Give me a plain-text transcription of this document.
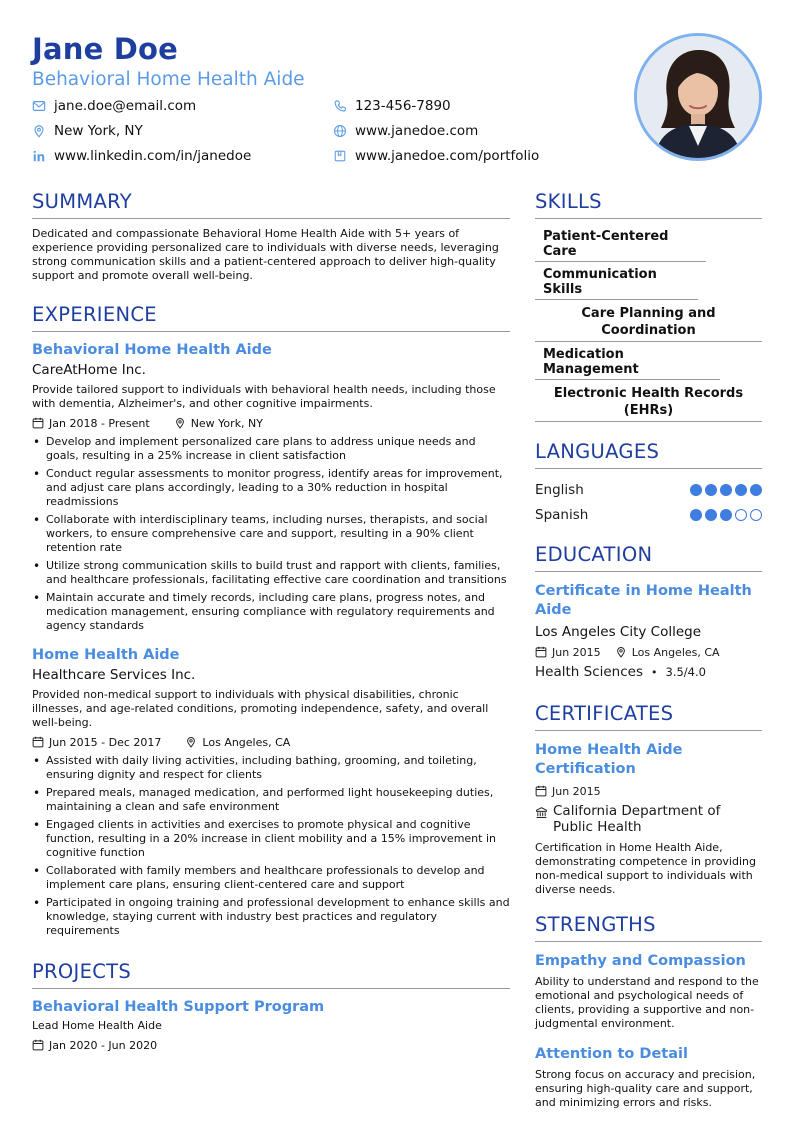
Jane Doe
Behavioral Home Health Aide
jane.doe@email.com	123-456-7890
New York, NY	www.janedoe.com
www.linkedin.com/in/janedoe	www.janedoe.com/portfolio
SUMMARY
Dedicated and compassionate Behavioral Home Health Aide with 5+ years of experience providing personalized care to individuals with diverse needs, leveraging strong communication skills and a patient-centered approach to deliver high-quality support and promote overall well-being.
EXPERIENCE
Behavioral Home Health Aide
CareAtHome Inc.
Provide tailored support to individuals with behavioral health needs, including those with dementia, Alzheimer's, and other cognitive impairments.
Jan 2018 - Present	New York, NY
• Develop and implement personalized care plans to address unique needs and goals, resulting in a 25% increase in client satisfaction
• Conduct regular assessments to monitor progress, identify areas for improvement, and adjust care plans accordingly, leading to a 30% reduction in hospital readmissions
• Collaborate with interdisciplinary teams, including nurses, therapists, and social workers, to ensure comprehensive care and support, resulting in a 90% client retention rate
• Utilize strong communication skills to build trust and rapport with clients, families, and healthcare professionals, facilitating effective care coordination and transitions
• Maintain accurate and timely records, including care plans, progress notes, and medication management, ensuring compliance with regulatory requirements and agency standards
Home Health Aide
Healthcare Services Inc.
Provided non-medical support to individuals with physical disabilities, chronic illnesses, and age-related conditions, promoting independence, safety, and overall well-being.
Jun 2015 - Dec 2017	Los Angeles, CA
• Assisted with daily living activities, including bathing, grooming, and toileting, ensuring dignity and respect for clients
• Prepared meals, managed medication, and performed light housekeeping duties, maintaining a clean and safe environment
• Engaged clients in activities and exercises to promote physical and cognitive function, resulting in a 20% increase in client mobility and a 15% improvement in cognitive function
• Collaborated with family members and healthcare professionals to develop and implement care plans, ensuring client-centered care and support
• Participated in ongoing training and professional development to enhance skills and knowledge, staying current with industry best practices and regulatory requirements
PROJECTS
Behavioral Health Support Program
Lead Home Health Aide
Jan 2020 - Jun 2020
SKILLS
Patient-Centered Care
Communication Skills
Care Planning and Coordination
Medication Management
Electronic Health Records (EHRs)
LANGUAGES
English
Spanish
EDUCATION
Certificate in Home Health Aide
Los Angeles City College
Jun 2015	Los Angeles, CA
Health Sciences • 3.5/4.0
CERTIFICATES
Home Health Aide Certification
Jun 2015
California Department of Public Health
Certification in Home Health Aide, demonstrating competence in providing non-medical support to individuals with diverse needs.
STRENGTHS
Empathy and Compassion
Ability to understand and respond to the emotional and psychological needs of clients, providing a supportive and non-judgmental environment.
Attention to Detail
Strong focus on accuracy and precision, ensuring high-quality care and support, and minimizing errors and risks.
